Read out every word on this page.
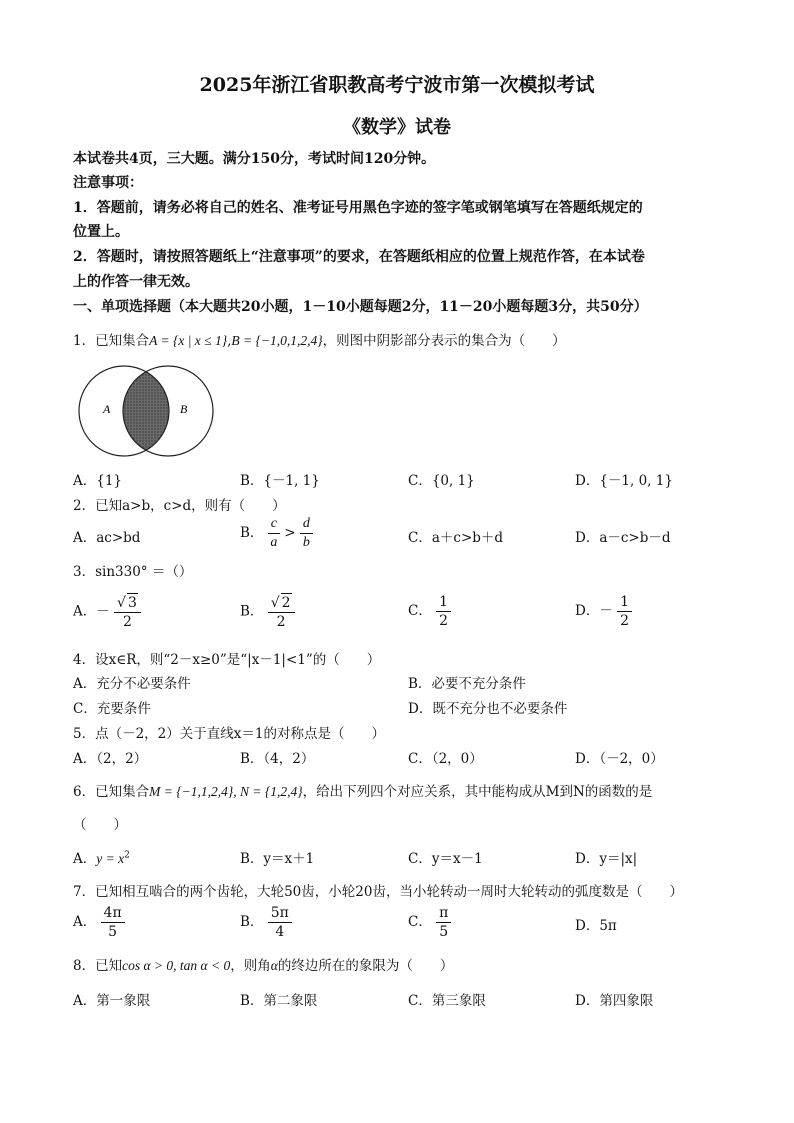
2025年浙江省职教高考宁波市第一次模拟考试
《数学》试卷
本试卷共4页，三大题。满分150分，考试时间120分钟。
注意事项：
1．答题前，请务必将自己的姓名、准考证号用黑色字迹的签字笔或钢笔填写在答题纸规定的
位置上。
2．答题时，请按照答题纸上“注意事项”的要求，在答题纸相应的位置上规范作答，在本试卷
上的作答一律无效。
一、单项选择题（本大题共20小题，1－10小题每题2分，11－20小题每题3分，共50分）
1．已知集合A = {x | x ≤ 1},B = {−1,0,1,2,4}，则图中阴影部分表示的集合为（　　）
A	B
A．{1}	B．{－1, 1}	C．{0, 1}	D．{－1, 0, 1}
2．已知a>b，c>d，则有（　　）
A．ac>bd	B． $\frac{c}{a} > \frac{d}{b}$	C．a＋c>b＋d	D．a－c>b－d
3．sin330° ＝（）
A．－ $\frac{√ 3}{2}$	B． $\frac{√ 2}{2}$	C． $\frac{1}{2}$	D．－ $\frac{1}{2}$
4．设x∈R，则“2－x≥0”是“|x－1|<1”的（　　）
A．充分不必要条件	B．必要不充分条件
C．充要条件	D．既不充分也不必要条件
5．点（－2，2）关于直线x＝1的对称点是（　　）
A．（2，2）	B．（4，2）	C．（2，0）	D．（－2，0）
6．已知集合M = {−1,1,2,4}, N = {1,2,4}，给出下列四个对应关系，其中能构成从M到N的函数的是
（　　）
A．$y = x^2$	B．y＝x＋1	C．y＝x－1	D．y＝|x|
7．已知相互啮合的两个齿轮，大轮50齿，小轮20齿，当小轮转动一周时大轮转动的弧度数是（　　）
A． $\frac{4\pi}{5}$	B． $\frac{5\pi}{4}$	C． $\frac{\pi}{5}$	D．5π
8．已知cos α > 0, tan α < 0，则角α的终边所在的象限为（　　）
A．第一象限	B．第二象限	C．第三象限	D．第四象限
